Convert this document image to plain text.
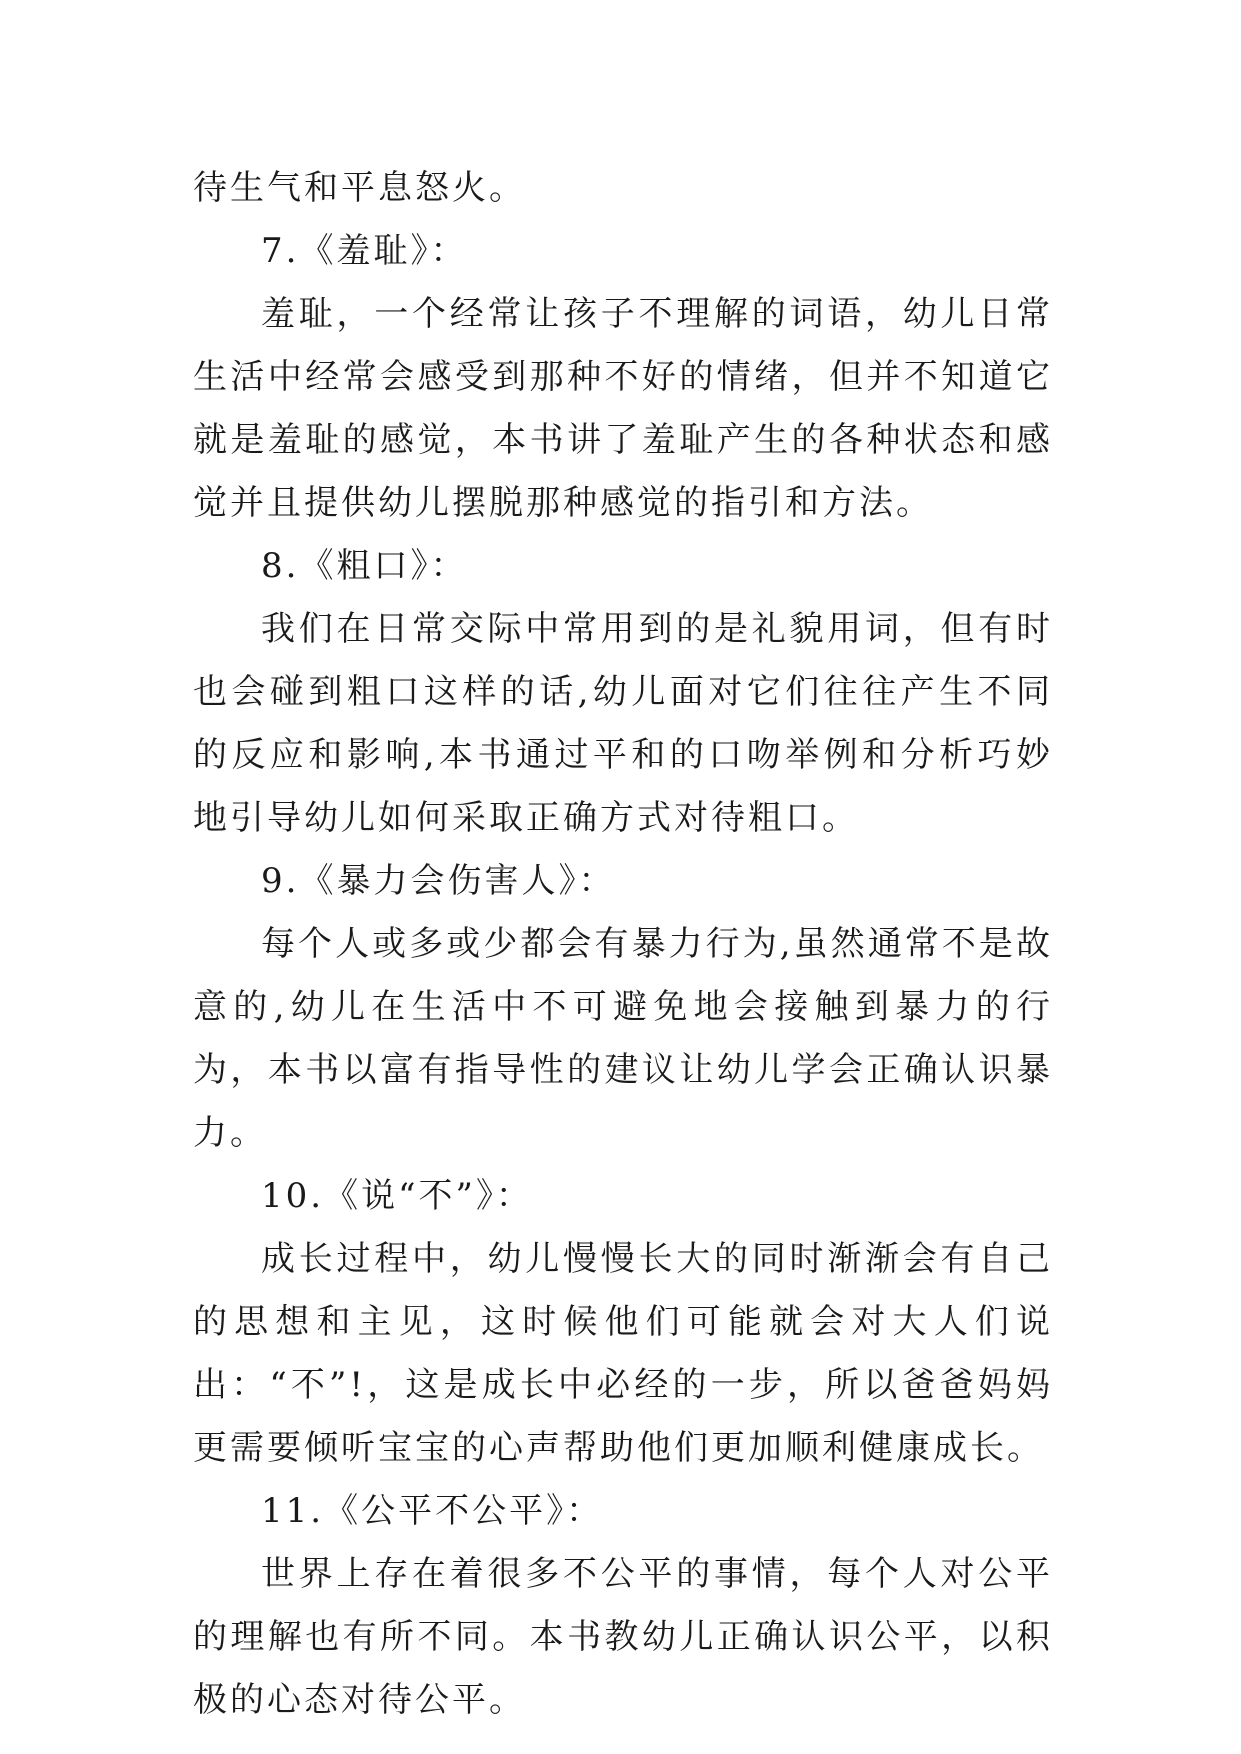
待生气和平息怒火。

7.《羞耻》：

羞耻，一个经常让孩子不理解的词语，幼儿日常生活中经常会感受到那种不好的情绪，但并不知道它就是羞耻的感觉，本书讲了羞耻产生的各种状态和感觉并且提供幼儿摆脱那种感觉的指引和方法。

8.《粗口》：

我们在日常交际中常用到的是礼貌用词，但有时也会碰到粗口这样的话,幼儿面对它们往往产生不同的反应和影响,本书通过平和的口吻举例和分析巧妙地引导幼儿如何采取正确方式对待粗口。

9.《暴力会伤害人》：

每个人或多或少都会有暴力行为,虽然通常不是故意的,幼儿在生活中不可避免地会接触到暴力的行为，本书以富有指导性的建议让幼儿学会正确认识暴力。

10.《说“不”》：

成长过程中，幼儿慢慢长大的同时渐渐会有自己的思想和主见，这时候他们可能就会对大人们说出：“不”!，这是成长中必经的一步，所以爸爸妈妈更需要倾听宝宝的心声帮助他们更加顺利健康成长。

11.《公平不公平》：

世界上存在着很多不公平的事情，每个人对公平的理解也有所不同。本书教幼儿正确认识公平，以积极的心态对待公平。
